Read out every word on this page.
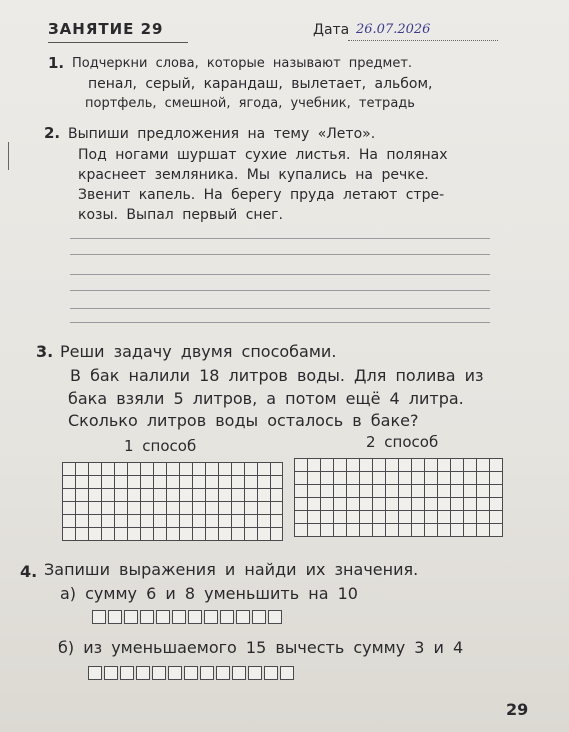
ЗАНЯТИЕ 29	Дата 26.07.2026
1. Подчеркни слова, которые называют предмет.
пенал, серый, карандаш, вылетает, альбом,
портфель, смешной, ягода, учебник, тетрадь
2. Выпиши предложения на тему «Лето».
Под ногами шуршат сухие листья. На полянах
краснеет земляника. Мы купались на речке.
Звенит капель. На берегу пруда летают стре-
козы. Выпал первый снег.
3. Реши задачу двумя способами.
В бак налили 18 литров воды. Для полива из
бака взяли 5 литров, а потом ещё 4 литра.
Сколько литров воды осталось в баке?
1 способ	2 способ
4. Запиши выражения и найди их значения.
а) сумму 6 и 8 уменьшить на 10
б) из уменьшаемого 15 вычесть сумму 3 и 4
29
